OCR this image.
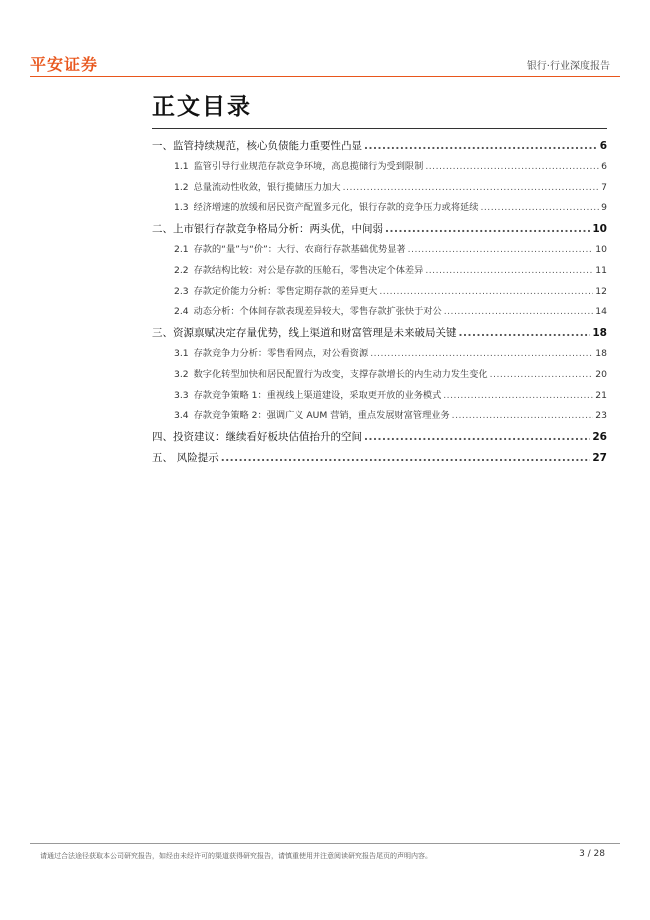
平安证券	银行·行业深度报告
正文目录
一、 监管持续规范，核心负债能力重要性凸显 .....	6
1.1 监管引导行业规范存款竞争环境，高息揽储行为受到限制 .....	6
1.2 总量流动性收敛，银行揽储压力加大 .....	7
1.3 经济增速的放缓和居民资产配置多元化，银行存款的竞争压力或将延续 .....	9
二、 上市银行存款竞争格局分析：两头优，中间弱 .....	10
2.1 存款的“量”与“价”：大行、农商行存款基础优势显著 .....	10
2.2 存款结构比较：对公是存款的压舱石，零售决定个体差异 .....	11
2.3 存款定价能力分析：零售定期存款的差异更大 .....	12
2.4 动态分析：个体间存款表现差异较大，零售存款扩张快于对公 .....	14
三、 资源禀赋决定存量优势，线上渠道和财富管理是未来破局关键 .....	18
3.1 存款竞争力分析：零售看网点，对公看资源 .....	18
3.2 数字化转型加快和居民配置行为改变，支撑存款增长的内生动力发生变化 .....	20
3.3 存款竞争策略 1：重视线上渠道建设，采取更开放的业务模式 .....	21
3.4 存款竞争策略 2：强调广义 AUM 营销，重点发展财富管理业务 .....	23
四、 投资建议：继续看好板块估值抬升的空间 .....	26
五、 风险提示 .....	27
请通过合法途径获取本公司研究报告，如经由未经许可的渠道获得研究报告，请慎重使用并注意阅读研究报告尾页的声明内容。	3 / 28
